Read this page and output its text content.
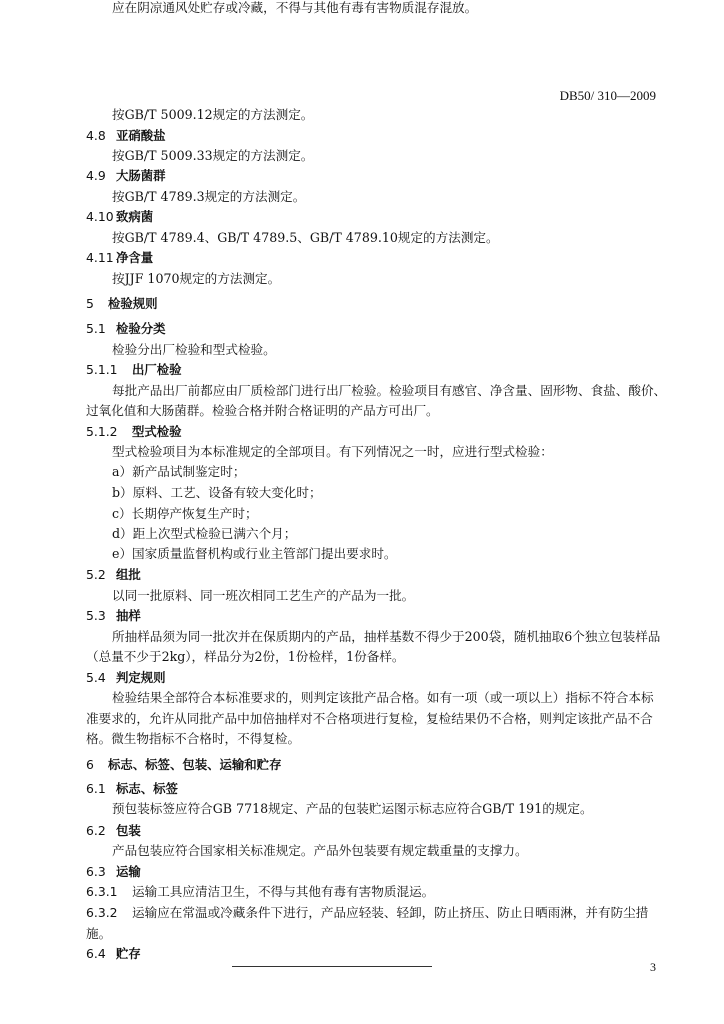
DB50/ 310—2009
按GB/T 5009.12规定的方法测定。
4.8 亚硝酸盐
按GB/T 5009.33规定的方法测定。
4.9 大肠菌群
按GB/T 4789.3规定的方法测定。
4.10 致病菌
按GB/T 4789.4、GB/T 4789.5、GB/T 4789.10规定的方法测定。
4.11 净含量
按JJF 1070规定的方法测定。
5 检验规则
5.1 检验分类
检验分出厂检验和型式检验。
5.1.1 出厂检验
每批产品出厂前都应由厂质检部门进行出厂检验。检验项目有感官、净含量、固形物、食盐、酸价、
过氧化值和大肠菌群。检验合格并附合格证明的产品方可出厂。
5.1.2 型式检验
型式检验项目为本标准规定的全部项目。有下列情况之一时，应进行型式检验：
a）新产品试制鉴定时；
b）原料、工艺、设备有较大变化时；
c）长期停产恢复生产时；
d）距上次型式检验已满六个月；
e）国家质量监督机构或行业主管部门提出要求时。
5.2 组批
以同一批原料、同一班次相同工艺生产的产品为一批。
5.3 抽样
所抽样品须为同一批次并在保质期内的产品，抽样基数不得少于200袋，随机抽取6个独立包装样品
（总量不少于2kg），样品分为2份，1份检样，1份备样。
5.4 判定规则
检验结果全部符合本标准要求的，则判定该批产品合格。如有一项（或一项以上）指标不符合本标
准要求的，允许从同批产品中加倍抽样对不合格项进行复检，复检结果仍不合格，则判定该批产品不合
格。微生物指标不合格时，不得复检。
6 标志、标签、包装、运输和贮存
6.1 标志、标签
预包装标签应符合GB 7718规定、产品的包装贮运图示标志应符合GB/T 191的规定。
6.2 包装
产品包装应符合国家相关标准规定。产品外包装要有规定载重量的支撑力。
6.3 运输
6.3.1 运输工具应清洁卫生，不得与其他有毒有害物质混运。
6.3.2 运输应在常温或冷藏条件下进行，产品应轻装、轻卸，防止挤压、防止日晒雨淋，并有防尘措
施。
6.4 贮存
应在阴凉通风处贮存或冷藏，不得与其他有毒有害物质混存混放。
3
